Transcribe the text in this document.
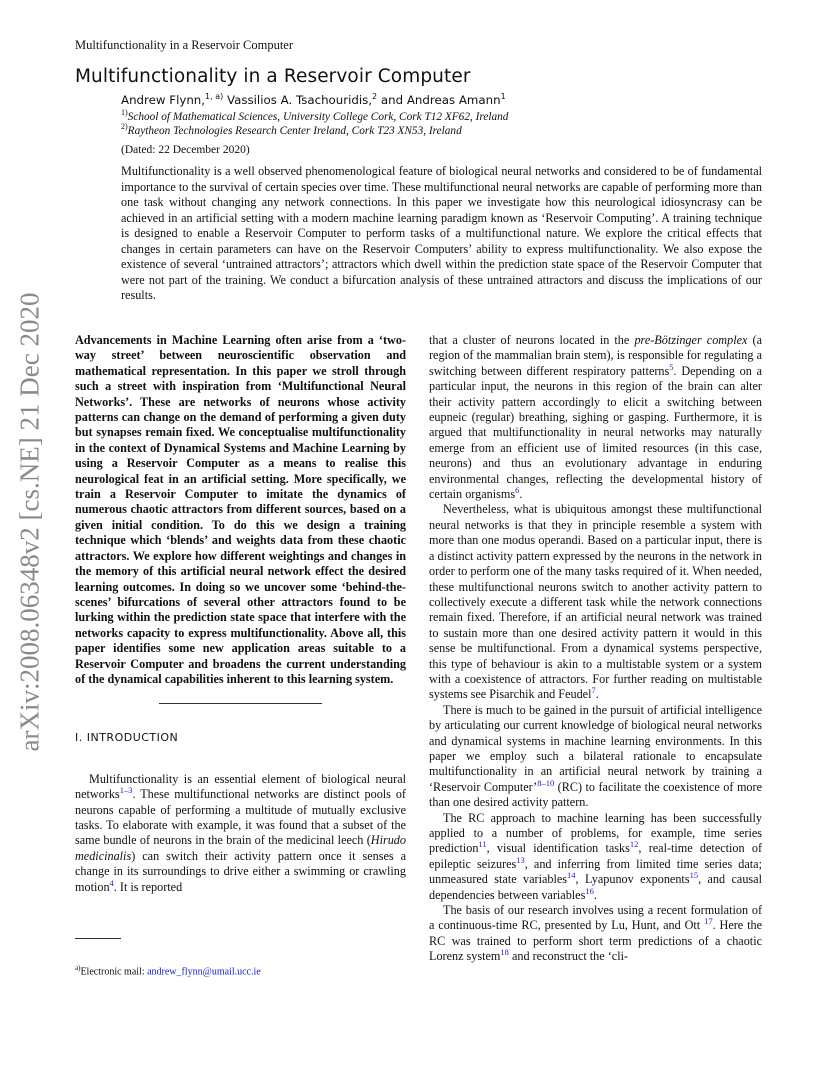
Multifunctionality in a Reservoir Computer
Multifunctionality in a Reservoir Computer
Andrew Flynn,$^{1, a)}$ Vassilios A. Tsachouridis,$^2$ and Andreas Amann$^1$
$^{1)}$School of Mathematical Sciences, University College Cork, Cork T12 XF62, Ireland
$^{2)}$Raytheon Technologies Research Center Ireland, Cork T23 XN53, Ireland
(Dated: 22 December 2020)

Multifunctionality is a well observed phenomenological feature of biological neural networks and considered to be of fundamental importance to the survival of certain species over time. These multifunctional neural networks are capable of performing more than one task without changing any network connections. In this paper we investigate how this neurological idiosyncrasy can be achieved in an artificial setting with a modern machine learning paradigm known as ‘Reservoir Computing’. A training technique is designed to enable a Reservoir Computer to perform tasks of a multifunctional nature. We explore the critical effects that changes in certain parameters can have on the Reservoir Computers’ ability to express multifunctionality. We also expose the existence of several ‘untrained attractors’; attractors which dwell within the prediction state space of the Reservoir Computer that were not part of the training. We conduct a bifurcation analysis of these untrained attractors and discuss the implications of our results.

arXiv:2008.06348v2 [cs.NE] 21 Dec 2020	Advancements in Machine Learning often arise from a ‘two-way street’ between neuroscientific observation and mathematical representation. In this paper we stroll through such a street with inspiration from ‘Multifunctional Neural Networks’. These are networks of neurons whose activity patterns can change on the demand of performing a given duty but synapses remain fixed. We conceptualise multifunctionality in the context of Dynamical Systems and Machine Learning by using a Reservoir Computer as a means to realise this neurological feat in an artificial setting. More specifically, we train a Reservoir Computer to imitate the dynamics of numerous chaotic attractors from different sources, based on a given initial condition. To do this we design a training technique which ‘blends’ and weights data from these chaotic attractors. We explore how different weightings and changes in the memory of this artificial neural network effect the desired learning outcomes. In doing so we uncover some ‘behind-the-scenes’ bifurcations of several other attractors found to be lurking within the prediction state space that interfere with the networks capacity to express multifunctionality. Above all, this paper identifies some new application areas suitable to a Reservoir Computer and broadens the current understanding of the dynamical capabilities inherent to this learning system.

I. INTRODUCTION

Multifunctionality is an essential element of biological neural networks$^{1-3}$. These multifunctional networks are distinct pools of neurons capable of performing a multitude of mutually exclusive tasks. To elaborate with example, it was found that a subset of the same bundle of neurons in the brain of the medicinal leech (Hirudo medicinalis) can switch their activity pattern once it senses a change in its surroundings to drive either a swimming or crawling motion$^4$. It is reported

that a cluster of neurons located in the pre-Bötzinger complex (a region of the mammalian brain stem), is responsible for regulating a switching between different respiratory patterns$^5$. Depending on a particular input, the neurons in this region of the brain can alter their activity pattern accordingly to elicit a switching between eupneic (regular) breathing, sighing or gasping. Furthermore, it is argued that multifunctionality in neural networks may naturally emerge from an efficient use of limited resources (in this case, neurons) and thus an evolutionary advantage in enduring environmental changes, reflecting the developmental history of certain organisms$^6$.

Nevertheless, what is ubiquitous amongst these multifunctional neural networks is that they in principle resemble a system with more than one modus operandi. Based on a particular input, there is a distinct activity pattern expressed by the neurons in the network in order to perform one of the many tasks required of it. When needed, these multifunctional neurons switch to another activity pattern to collectively execute a different task while the network connections remain fixed. Therefore, if an artificial neural network was trained to sustain more than one desired activity pattern it would in this sense be multifunctional. From a dynamical systems perspective, this type of behaviour is akin to a multistable system or a system with a coexistence of attractors. For further reading on multistable systems see Pisarchik and Feudel$^7$.

There is much to be gained in the pursuit of artificial intelligence by articulating our current knowledge of biological neural networks and dynamical systems in machine learning environments. In this paper we employ such a bilateral rationale to encapsulate multifunctionality in an artificial neural network by training a ‘Reservoir Computer’$^{8-10}$ (RC) to facilitate the coexistence of more than one desired activity pattern.

The RC approach to machine learning has been successfully applied to a number of problems, for example, time series prediction$^{11}$, visual identification tasks$^{12}$, real-time detection of epileptic seizures$^{13}$, and inferring from limited time series data; unmeasured state variables$^{14}$, Lyapunov exponents$^{15}$, and causal dependencies between variables$^{16}$.

The basis of our research involves using a recent formulation of a continuous-time RC, presented by Lu, Hunt, and Ott $^{17}$. Here the RC was trained to perform short term predictions of a chaotic Lorenz system$^{18}$ and reconstruct the ‘cli-

$^{a)}$Electronic mail: andrew_flynn@umail.ucc.ie
